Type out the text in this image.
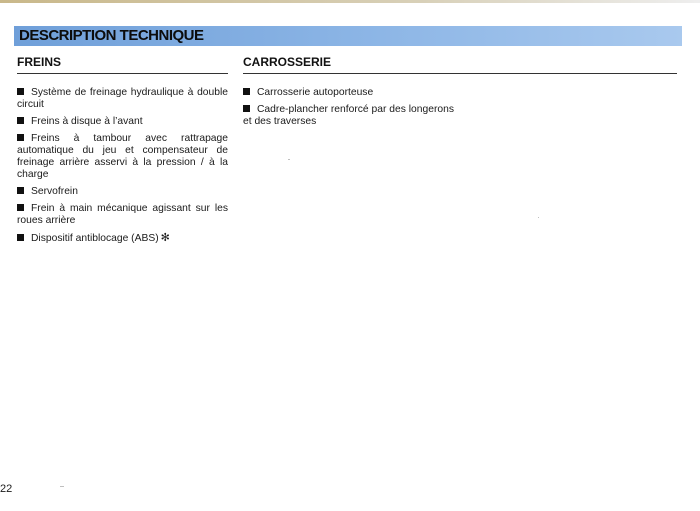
DESCRIPTION TECHNIQUE
FREINS
Système de freinage hydraulique à double circuit
Freins à disque à l’avant
Freins à tambour avec rattrapage automatique du jeu et compensateur de freinage arrière asservi à la pression / à la charge
Servofrein
Frein à main mécanique agissant sur les roues arrière
Dispositif antiblocage (ABS) ✻
CARROSSERIE
Carrosserie autoporteuse
Cadre-plancher renforcé par des longerons et des traverses
22
